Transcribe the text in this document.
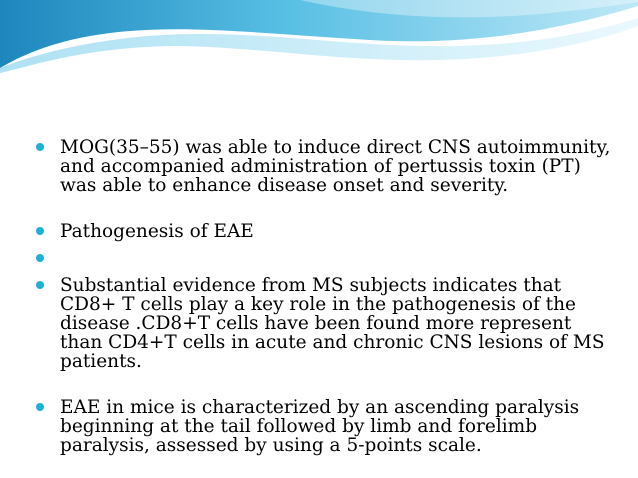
MOG(35–55) was able to induce direct CNS autoimmunity, and accompanied administration of pertussis toxin (PT) was able to enhance disease onset and severity.
Pathogenesis of EAE
Substantial evidence from MS subjects indicates that CD8+ T cells play a key role in the pathogenesis of the disease .CD8+T cells have been found more represent than CD4+T cells in acute and chronic CNS lesions of MS patients.
EAE in mice is characterized by an ascending paralysis beginning at the tail followed by limb and forelimb paralysis, assessed by using a 5-points scale.
